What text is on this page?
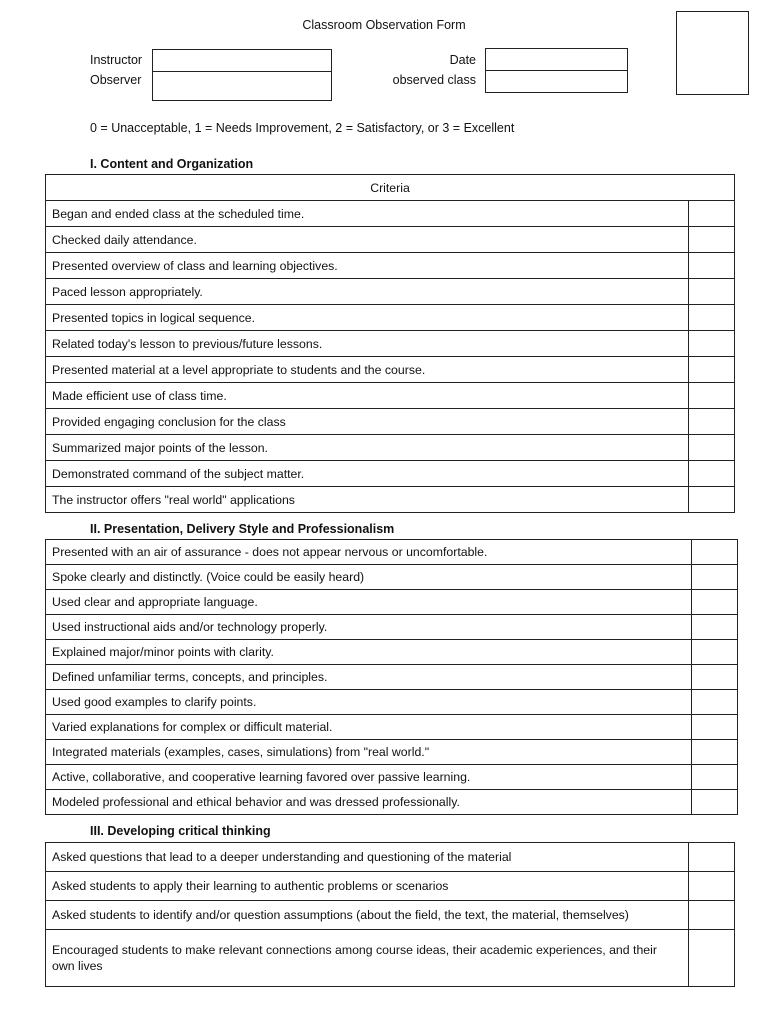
Classroom Observation Form
Instructor
Observer
Date
observed class
0 = Unacceptable, 1 = Needs Improvement, 2 = Satisfactory, or 3 = Excellent
I. Content and Organization
Criteria	
Began and ended class at the scheduled time.	
Checked daily attendance.	
Presented overview of class and learning objectives.	
Paced lesson appropriately.	
Presented topics in logical sequence.	
Related today's lesson to previous/future lessons.	
Presented material at a level appropriate to students and the course.	
Made efficient use of class time.	
Provided engaging conclusion for the class	
Summarized major points of the lesson.	
Demonstrated command of the subject matter.	
The instructor offers "real world" applications	
II. Presentation, Delivery Style and Professionalism
Presented with an air of assurance - does not appear nervous or uncomfortable.	
Spoke clearly and distinctly. (Voice could be easily heard)	
Used clear and appropriate language.	
Used instructional aids and/or technology properly.	
Explained major/minor points with clarity.	
Defined unfamiliar terms, concepts, and principles.	
Used good examples to clarify points.	
Varied explanations for complex or difficult material.	
Integrated materials (examples, cases, simulations) from "real world."	
Active, collaborative, and cooperative learning favored over passive learning.	
Modeled professional and ethical behavior and was dressed professionally.	
III. Developing critical thinking
Asked questions that lead to a deeper understanding and questioning of the material	
Asked students to apply their learning to authentic problems or scenarios	
Asked students to identify and/or question assumptions (about the field, the text, the material, themselves)	
Encouraged students to make relevant connections among course ideas, their academic experiences, and their own lives	
